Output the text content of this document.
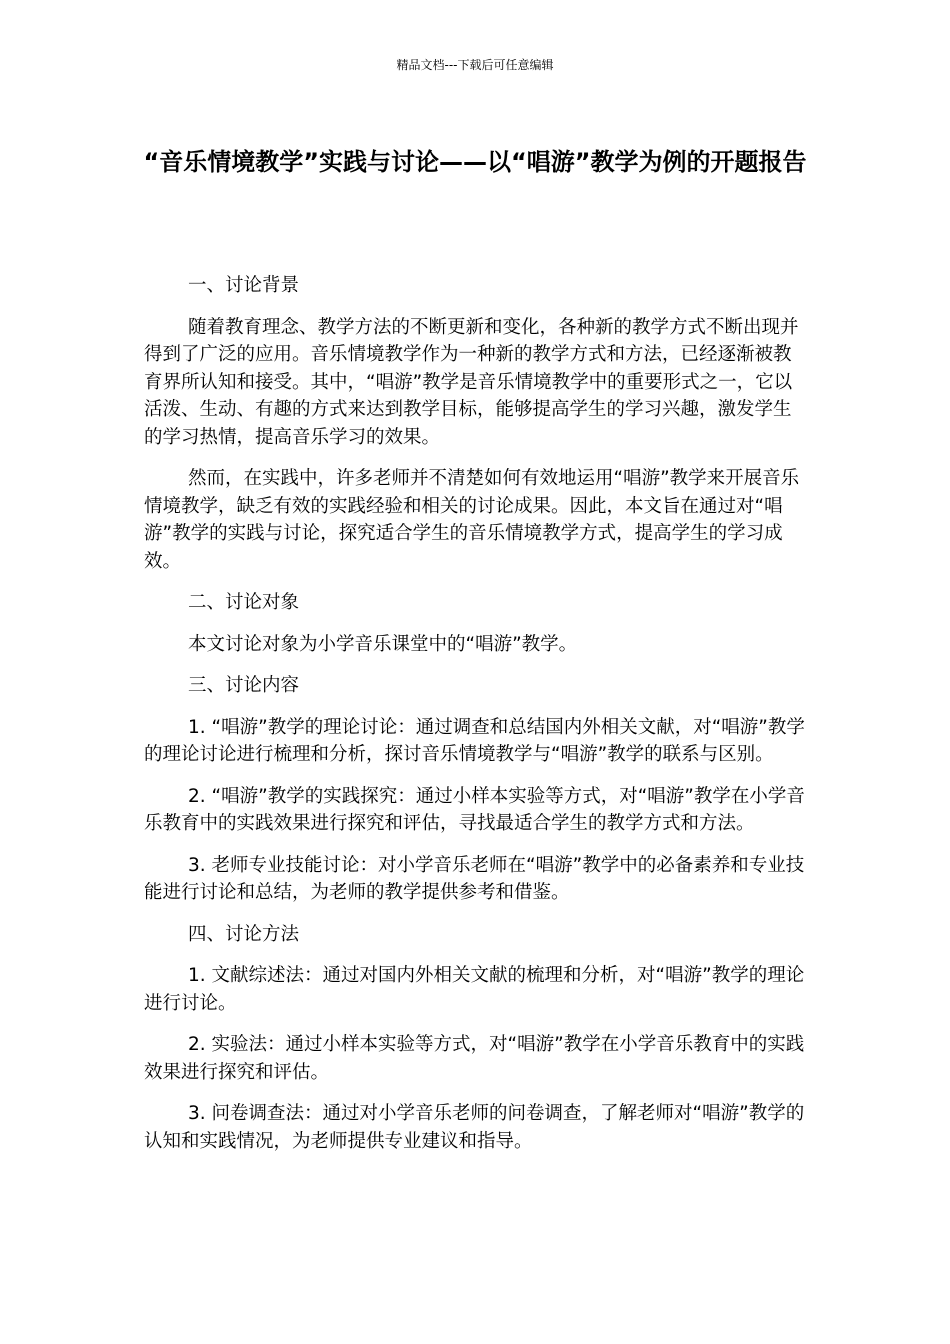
精品文档---下载后可任意编辑
“音乐情境教学”实践与讨论——以“唱游”教学为例的开题报告

一、讨论背景

随着教育理念、教学方法的不断更新和变化，各种新的教学方式不断出现并得到了广泛的应用。音乐情境教学作为一种新的教学方式和方法，已经逐渐被教育界所认知和接受。其中，“唱游”教学是音乐情境教学中的重要形式之一，它以活泼、生动、有趣的方式来达到教学目标，能够提高学生的学习兴趣，激发学生的学习热情，提高音乐学习的效果。

然而，在实践中，许多老师并不清楚如何有效地运用“唱游”教学来开展音乐情境教学，缺乏有效的实践经验和相关的讨论成果。因此，本文旨在通过对“唱游”教学的实践与讨论，探究适合学生的音乐情境教学方式，提高学生的学习成效。

二、讨论对象

本文讨论对象为小学音乐课堂中的“唱游”教学。

三、讨论内容

1. “唱游”教学的理论讨论：通过调查和总结国内外相关文献，对“唱游”教学的理论讨论进行梳理和分析，探讨音乐情境教学与“唱游”教学的联系与区别。

2. “唱游”教学的实践探究：通过小样本实验等方式，对“唱游”教学在小学音乐教育中的实践效果进行探究和评估，寻找最适合学生的教学方式和方法。

3. 老师专业技能讨论：对小学音乐老师在“唱游”教学中的必备素养和专业技能进行讨论和总结，为老师的教学提供参考和借鉴。

四、讨论方法

1. 文献综述法：通过对国内外相关文献的梳理和分析，对“唱游”教学的理论进行讨论。

2. 实验法：通过小样本实验等方式，对“唱游”教学在小学音乐教育中的实践效果进行探究和评估。

3. 问卷调查法：通过对小学音乐老师的问卷调查，了解老师对“唱游”教学的认知和实践情况，为老师提供专业建议和指导。
